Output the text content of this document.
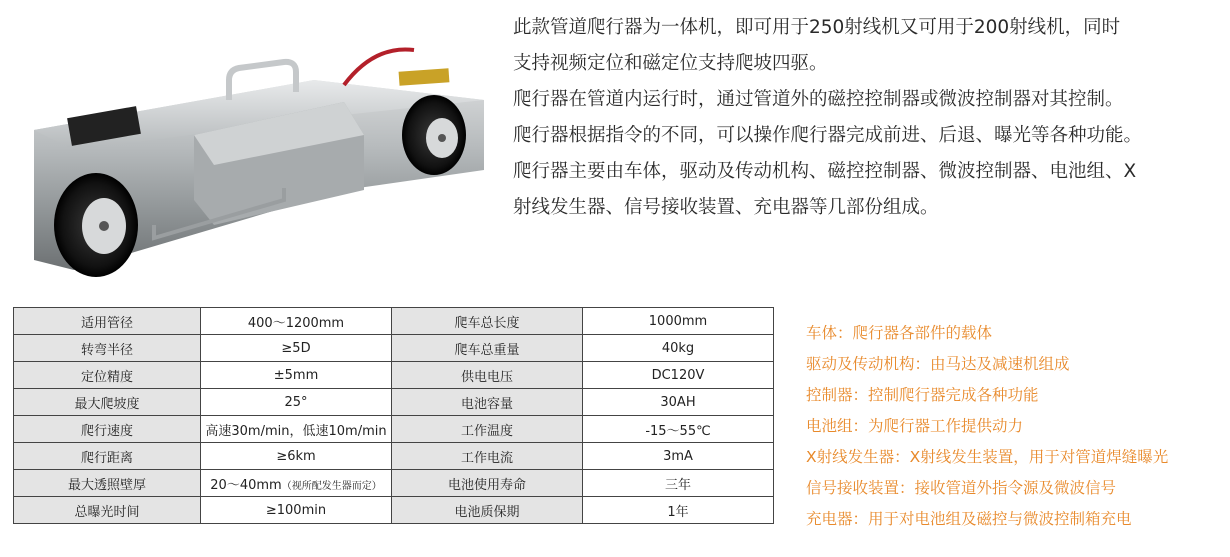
此款管道爬行器为一体机，即可用于250射线机又可用于200射线机，同时

支持视频定位和磁定位支持爬坡四驱。

爬行器在管道内运行时，通过管道外的磁控控制器或微波控制器对其控制。

爬行器根据指令的不同，可以操作爬行器完成前进、后退、曝光等各种功能。

爬行器主要由车体，驱动及传动机构、磁控控制器、微波控制器、电池组、X

射线发生器、信号接收装置、充电器等几部份组成。

适用管径	400～1200mm	爬车总长度	1000mm
转弯半径	≥5D	爬车总重量	40kg
定位精度	±5mm	供电电压	DC120V
最大爬坡度	25°	电池容量	30AH
爬行速度	高速30m/min，低速10m/min	工作温度	-15～55℃
爬行距离	≥6km	工作电流	3mA
最大透照壁厚	20～40mm（视所配发生器而定）	电池使用寿命	三年
总曝光时间	≥100min	电池质保期	1年

车体：爬行器各部件的载体

驱动及传动机构：由马达及减速机组成

控制器：控制爬行器完成各种功能

电池组：为爬行器工作提供动力

X射线发生器：X射线发生装置，用于对管道焊缝曝光

信号接收装置：接收管道外指令源及微波信号

充电器：用于对电池组及磁控与微波控制箱充电
